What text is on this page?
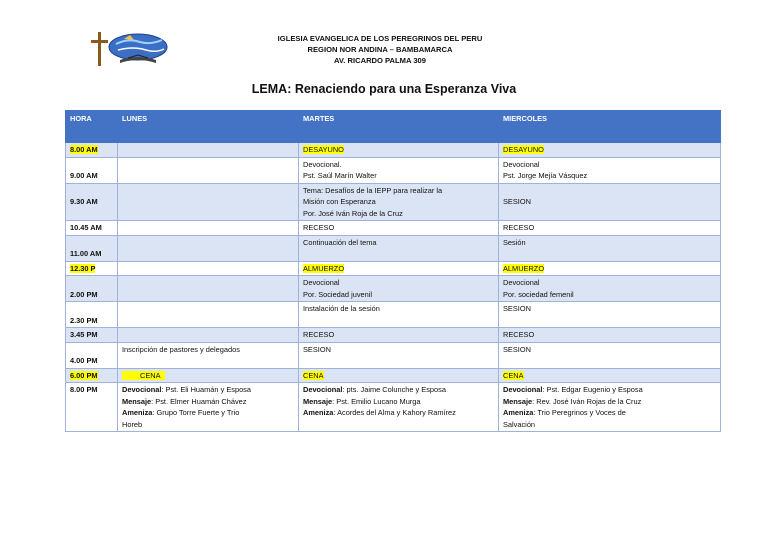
IGLESIA EVANGELICA DE LOS PEREGRINOS DEL PERU
REGION NOR ANDINA – BAMBAMARCA
AV. RICARDO PALMA 309
LEMA: Renaciendo para una Esperanza Viva
HORA	LUNES	MARTES	MIERCOLES
8.00 AM		DESAYUNO	DESAYUNO
9.00 AM		Devocional.
Pst. Saúl Marín Walter	Devocional
Pst. Jorge Mejía Vásquez

9.30 AM		Tema: Desafíos de la IEPP para realizar la
Misión con Esperanza
Por. José Iván Roja de la Cruz	SESION
10.45 AM		RECESO	RECESO
11.00 AM		Continuación del tema	Sesión
12.30 P		ALMUERZO	ALMUERZO
2.00 PM		Devocional
Por. Sociedad juvenil	Devocional
Por. sociedad femenil

2.30 PM		Instalación de la sesión	SESION
3.45 PM		RECESO	RECESO
4.00 PM	Inscripción de pastores y delegados	SESION	SESION
6.00 PM	CENA	CENA	CENA
8.00 PM	Devocional: Pst. Eli Huamán y Esposa
Mensaje: Pst. Elmer Huamán Chávez
Ameniza: Grupo Torre Fuerte y Trio
Horeb	Devocional: pts. Jaime Colunche y Esposa
Mensaje: Pst. Emilio Lucano Murga
Ameniza: Acordes del Alma y Kahory Ramírez	Devocional: Pst. Edgar Eugenio y Esposa
Mensaje: Rev. José Iván Rojas de la Cruz
Ameniza: Trio Peregrinos y Voces de
Salvación
